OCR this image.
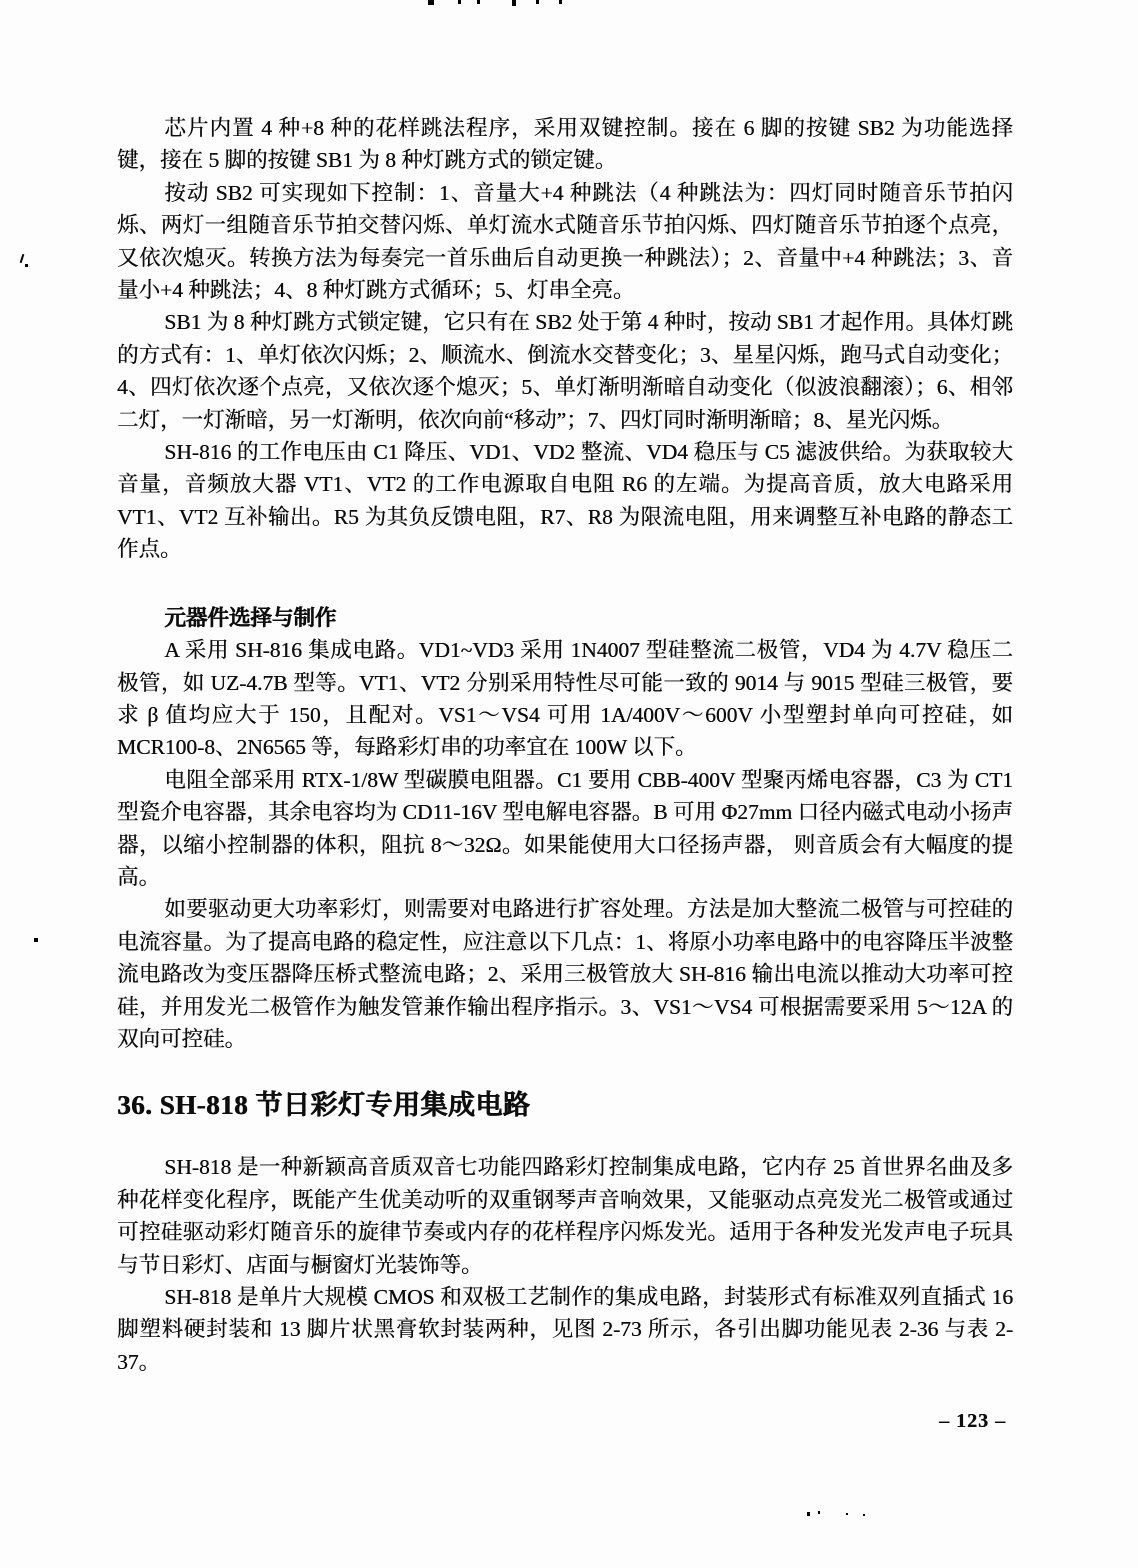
芯片内置 4 种+8 种的花样跳法程序，采用双键控制。接在 6 脚的按键 SB2 为功能选择键，接在 5 脚的按键 SB1 为 8 种灯跳方式的锁定键。

按动 SB2 可实现如下控制：1、音量大+4 种跳法（4 种跳法为：四灯同时随音乐节拍闪烁、两灯一组随音乐节拍交替闪烁、单灯流水式随音乐节拍闪烁、四灯随音乐节拍逐个点亮，又依次熄灭。转换方法为每奏完一首乐曲后自动更换一种跳法）；2、音量中+4 种跳法；3、音量小+4 种跳法；4、8 种灯跳方式循环；5、灯串全亮。

SB1 为 8 种灯跳方式锁定键，它只有在 SB2 处于第 4 种时，按动 SB1 才起作用。具体灯跳的方式有：1、单灯依次闪烁；2、顺流水、倒流水交替变化；3、星星闪烁，跑马式自动变化；4、四灯依次逐个点亮，又依次逐个熄灭；5、单灯渐明渐暗自动变化（似波浪翻滚）；6、相邻二灯，一灯渐暗，另一灯渐明，依次向前“移动”；7、四灯同时渐明渐暗；8、星光闪烁。

SH-816 的工作电压由 C1 降压、VD1、VD2 整流、VD4 稳压与 C5 滤波供给。为获取较大音量，音频放大器 VT1、VT2 的工作电源取自电阻 R6 的左端。为提高音质，放大电路采用 VT1、VT2 互补输出。R5 为其负反馈电阻，R7、R8 为限流电阻，用来调整互补电路的静态工作点。

元器件选择与制作

A 采用 SH-816 集成电路。VD1~VD3 采用 1N4007 型硅整流二极管，VD4 为 4.7V 稳压二极管，如 UZ-4.7B 型等。VT1、VT2 分别采用特性尽可能一致的 9014 与 9015 型硅三极管，要求 β 值均应大于 150，且配对。VS1～VS4 可用 1A/400V～600V 小型塑封单向可控硅，如 MCR100-8、2N6565 等，每路彩灯串的功率宜在 100W 以下。

电阻全部采用 RTX-1/8W 型碳膜电阻器。C1 要用 CBB-400V 型聚丙烯电容器，C3 为 CT1 型瓷介电容器，其余电容均为 CD11-16V 型电解电容器。B 可用 Φ27mm 口径内磁式电动小扬声器，以缩小控制器的体积，阻抗 8～32Ω。如果能使用大口径扬声器， 则音质会有大幅度的提高。

如要驱动更大功率彩灯，则需要对电路进行扩容处理。方法是加大整流二极管与可控硅的电流容量。为了提高电路的稳定性，应注意以下几点：1、将原小功率电路中的电容降压半波整流电路改为变压器降压桥式整流电路；2、采用三极管放大 SH-816 输出电流以推动大功率可控硅，并用发光二极管作为触发管兼作输出程序指示。3、VS1～VS4 可根据需要采用 5～12A 的双向可控硅。

36. SH-818 节日彩灯专用集成电路

SH-818 是一种新颖高音质双音七功能四路彩灯控制集成电路，它内存 25 首世界名曲及多种花样变化程序，既能产生优美动听的双重钢琴声音响效果，又能驱动点亮发光二极管或通过可控硅驱动彩灯随音乐的旋律节奏或内存的花样程序闪烁发光。适用于各种发光发声电子玩具与节日彩灯、店面与橱窗灯光装饰等。

SH-818 是单片大规模 CMOS 和双极工艺制作的集成电路，封装形式有标准双列直插式 16 脚塑料硬封装和 13 脚片状黑膏软封装两种，见图 2-73 所示，各引出脚功能见表 2-36 与表 2-37。

– 123 –
